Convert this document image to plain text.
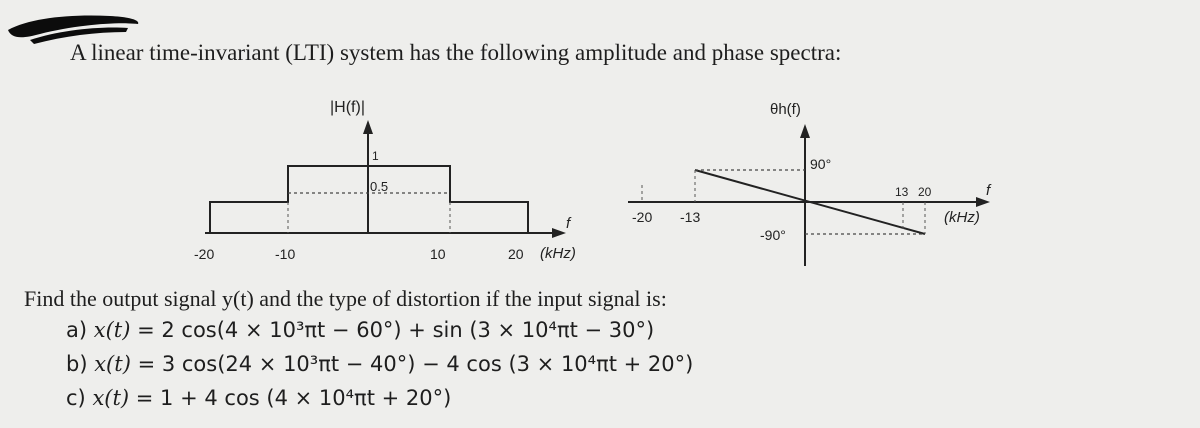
A linear time-invariant (LTI) system has the following amplitude and phase spectra:
|H(f)|
1
0.5
f
(kHz)
-20	-10	10	20
θh(f)
90°
-90°
-20 -13
13 20	f
(kHz)
Find the output signal y(t) and the type of distortion if the input signal is:
a) x(t) = 2 cos(4 × 10³πt − 60°) + sin (3 × 10⁴πt − 30°)
b) x(t) = 3 cos(24 × 10³πt − 40°) − 4 cos (3 × 10⁴πt + 20°)
c) x(t) = 1 + 4 cos (4 × 10⁴πt + 20°)
